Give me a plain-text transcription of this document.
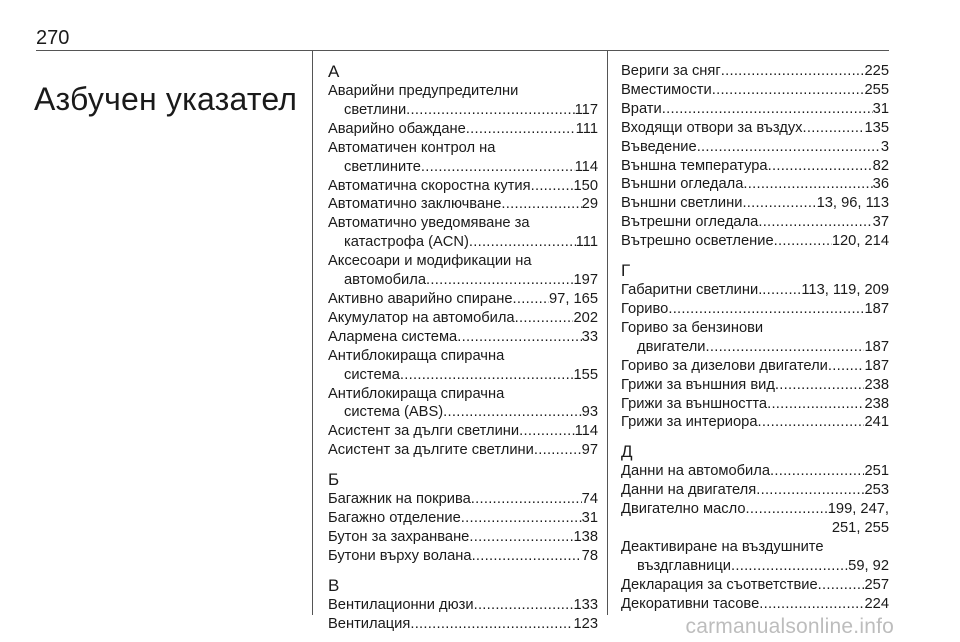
270
Азбучен указател
А
Аварийни предупредителни
светлини . . .	117
Аварийно обаждане . . .	111
Автоматичен контрол на
светлините . . .	114
Автоматична скоростна кутия . . .	150
Автоматично заключване . . .	29
Автоматично уведомяване за
катастрофа (ACN) . . .	111
Аксесоари и модификации на
автомобила . . .	197
Активно аварийно спиране . . . 97, 165
Акумулатор на автомобила . . .	202
Алармена система . . .	33
Антиблокираща спирачна
система . . .	155
Антиблокираща спирачна
система (ABS) . . .	93
Асистент за дълги светлини . . .	114
Асистент за дългите светлини . . .	97
Б
Багажник на покрива . . .	74
Багажно отделение . . .	31
Бутон за захранване . . .	138
Бутони върху волана . . .	78
В
Вентилационни дюзи . . .	133
Вентилация . . .	123
Вериги за сняг . . .	225
Вместимости . . .	255
Врати . . .	31
Входящи отвори за въздух . . .	135
Въведение . . .	3
Външна температура . . .	82
Външни огледала . . .	36
Външни светлини . . .	13, 96, 113
Вътрешни огледала . . .	37
Вътрешно осветление . . .	120, 214
Г
Габаритни светлини. . . .	113, 119, 209
Гориво . . .	187
Гориво за бензинови
двигатели . . .	187
Гориво за дизелови двигатели . . . 187
Грижи за външния вид . . .	238
Грижи за външността . . .	238
Грижи за интериора . . .	241
Д
Данни на автомобила . . .	251
Данни на двигателя . . .	253
Двигателно масло . . .	199, 247,
251, 255
Деактивиране на въздушните
въздглавници . . .	59, 92
Декларация за съответствие . . .	257
Декоративни тасове . . .	224
carmanualsonline.info
